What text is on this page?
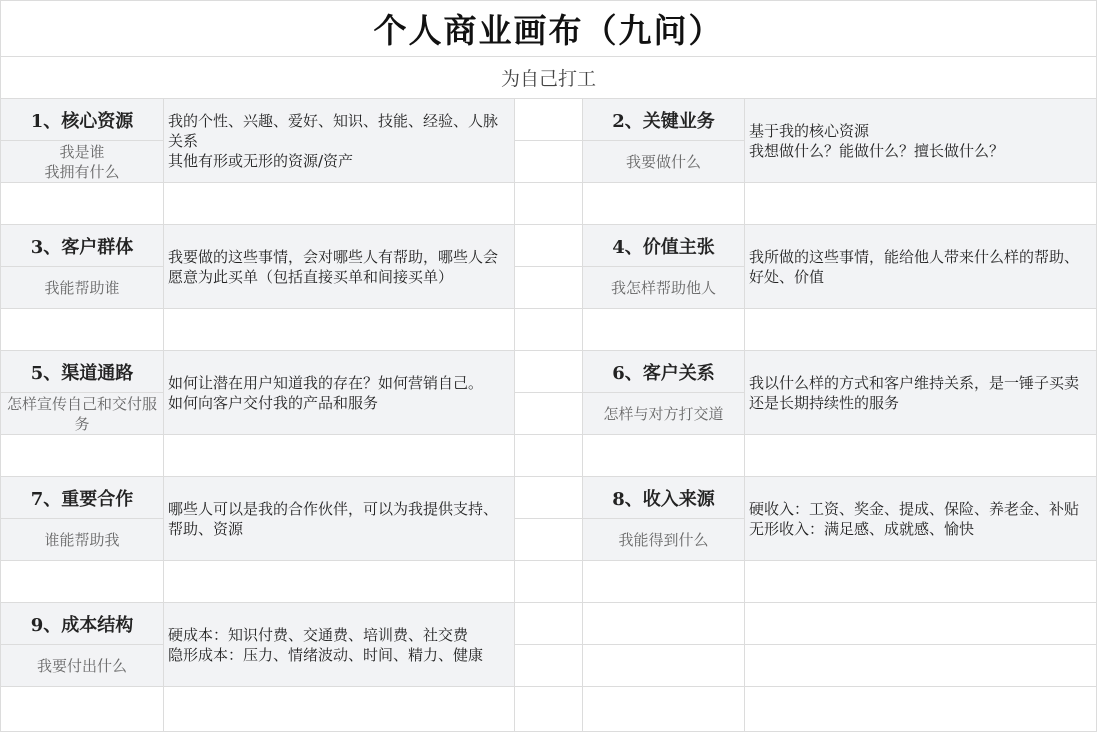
个人商业画布（九问）
为自己打工
1、核心资源
我是谁
我拥有什么
我的个性、兴趣、爱好、知识、技能、经验、人脉关系
其他有形或无形的资源/资产
2、关键业务
我要做什么
基于我的核心资源
我想做什么？能做什么？擅长做什么？
3、客户群体
我能帮助谁
我要做的这些事情，会对哪些人有帮助，哪些人会愿意为此买单（包括直接买单和间接买单）
4、价值主张
我怎样帮助他人
我所做的这些事情，能给他人带来什么样的帮助、好处、价值
5、渠道通路
怎样宣传自己和交付服务
如何让潜在用户知道我的存在？如何营销自己。
如何向客户交付我的产品和服务
6、客户关系
怎样与对方打交道
我以什么样的方式和客户维持关系，是一锤子买卖还是长期持续性的服务
7、重要合作
谁能帮助我
哪些人可以是我的合作伙伴，可以为我提供支持、帮助、资源
8、收入来源
我能得到什么
硬收入：工资、奖金、提成、保险、养老金、补贴
无形收入：满足感、成就感、愉快
9、成本结构
我要付出什么
硬成本：知识付费、交通费、培训费、社交费
隐形成本：压力、情绪波动、时间、精力、健康
